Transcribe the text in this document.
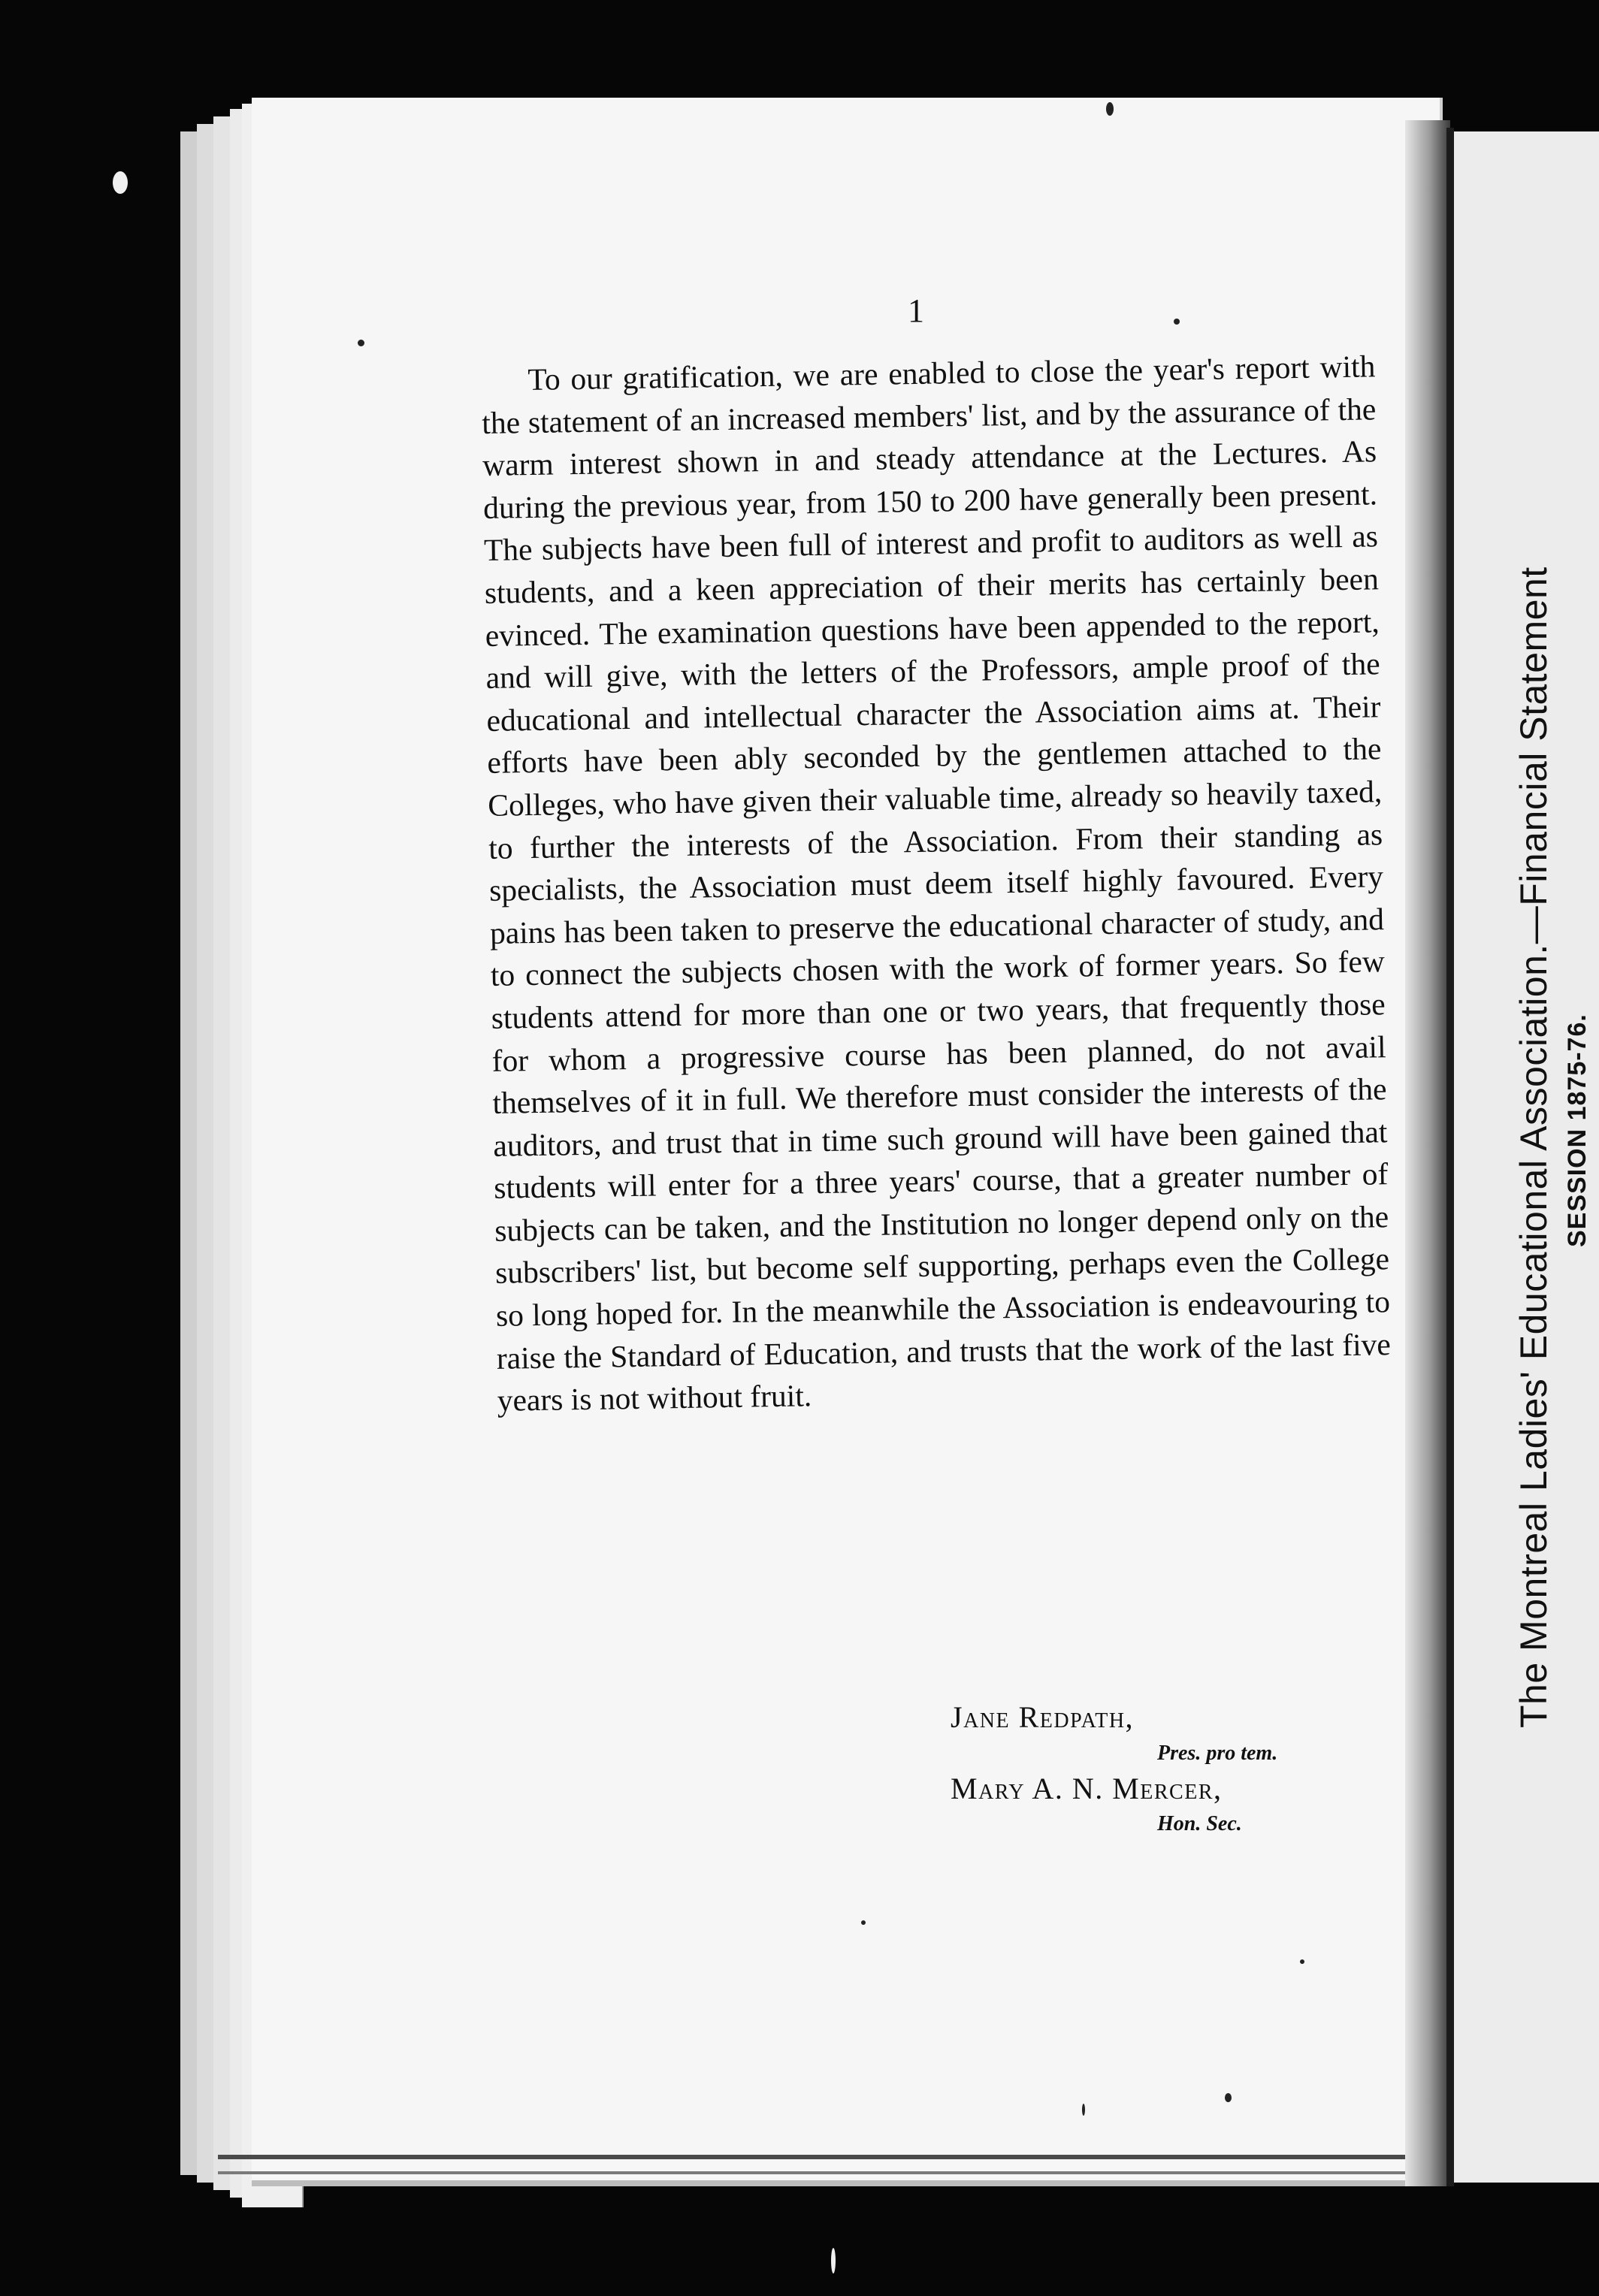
The Montreal Ladies' Educational Association.—Financial Statement SESSION 1875-76.
1
To our gratification, we are enabled to close the year's report with the statement of an increased members' list, and by the assurance of the warm interest shown in and steady attendance at the Lectures. As during the previous year, from 150 to 200 have generally been present. The subjects have been full of interest and profit to auditors as well as students, and a keen appreciation of their merits has certainly been evinced. The examination questions have been appended to the report, and will give, with the letters of the Professors, ample proof of the educational and intellectual character the Association aims at. Their efforts have been ably seconded by the gentlemen attached to the Colleges, who have given their valuable time, already so heavily taxed, to further the interests of the Association. From their standing as specialists, the Association must deem itself highly favoured. Every pains has been taken to preserve the educational character of study, and to connect the subjects chosen with the work of former years. So few students attend for more than one or two years, that frequently those for whom a progressive course has been planned, do not avail themselves of it in full. We therefore must consider the interests of the auditors, and trust that in time such ground will have been gained that students will enter for a three years' course, that a greater number of subjects can be taken, and the Institution no longer depend only on the subscribers' list, but become self supporting, perhaps even the College so long hoped for. In the meanwhile the Association is endeavouring to raise the Standard of Education, and trusts that the work of the last five years is not without fruit.
Jane Redpath,
Pres. pro tem.
Mary A. N. Mercer,
Hon. Sec.
